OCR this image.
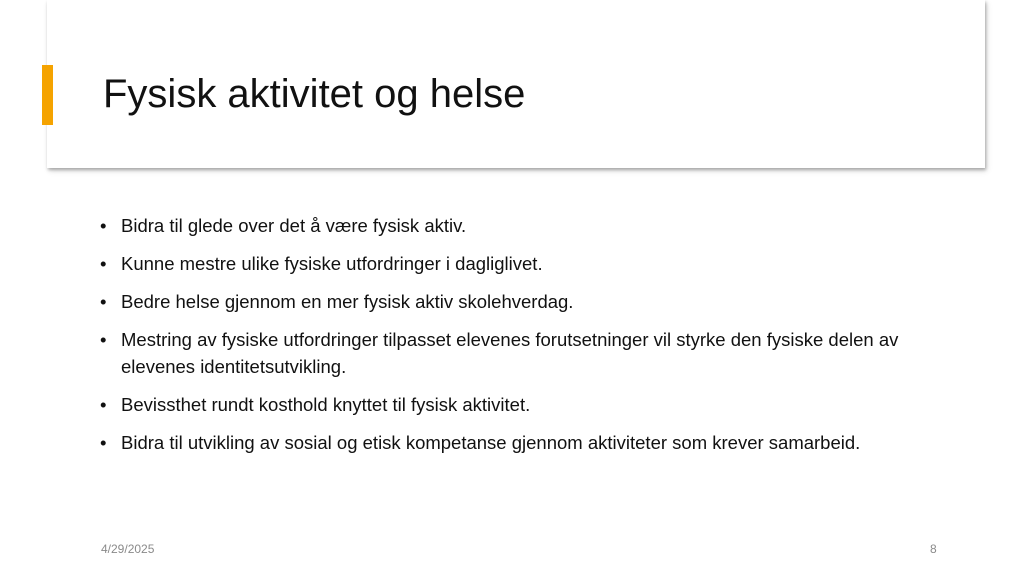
Fysisk aktivitet og helse
• Bidra til glede over det å være fysisk aktiv.
• Kunne mestre ulike fysiske utfordringer i dagliglivet.
• Bedre helse gjennom en mer fysisk aktiv skolehverdag.
• Mestring av fysiske utfordringer tilpasset elevenes forutsetninger vil styrke den fysiske delen av elevenes identitetsutvikling.
• Bevissthet rundt kosthold knyttet til fysisk aktivitet.
• Bidra til utvikling av sosial og etisk kompetanse gjennom aktiviteter som krever samarbeid.
4/29/2025	8
